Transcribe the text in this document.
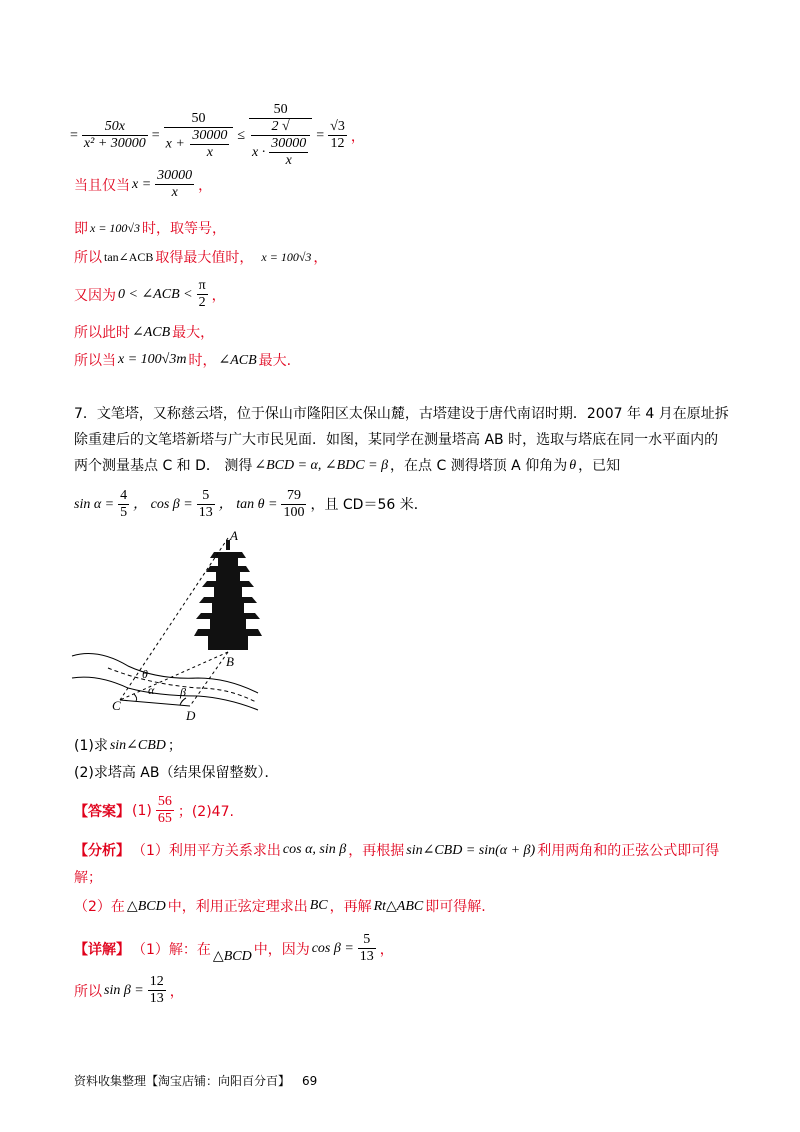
= $\frac{50x}{\text{x² + 30000}} = \frac{50}{x + \frac{30000}{x}}$ ≤
50
2 √
$x \cdot \frac{30000}{x}$
= $\frac{√3}{12}$ ，
当且仅当 $x = \frac{30000}{x}$ ，
即 x = 100√3 时，取等号，
所以 tan∠ACB 取得最大值时， x = 100√3 ，
又因为 0 < ∠ACB < $\frac{\pi}{2}$ ，
所以此时 ∠ACB 最大，
所以当 x = 100√3m 时， ∠ACB 最大.
7．文笔塔，又称慈云塔，位于保山市隆阳区太保山麓，古塔建设于唐代南诏时期．2007 年 4 月在原址拆
除重建后的文笔塔新塔与广大市民见面．如图，某同学在测量塔高 AB 时，选取与塔底在同一水平面内的
两个测量基点 C 和 D． 测得 ∠BCD = α, ∠BDC = β ，在点 C 测得塔顶 A 仰角为 θ ，已知
$\sin \alpha = \frac{4}{5}$ ， $\cos \beta = \frac{5}{13}$ ， $\tan \theta = \frac{79}{100}$ ，且 CD＝56 米．
A
B
C
D
θ
α β
(1)求 sin∠CBD ；
(2)求塔高 AB（结果保留整数）．
【答案】 $(1) \frac{56}{65}$ ；(2)47.
【分析】 （1）利用平方关系求出 cos α, sin β ，再根据 sin∠CBD = sin(α + β) 利用两角和的正弦公式即可得
解；
（2）在 △BCD 中，利用正弦定理求出 BC ，再解 Rt△ABC 即可得解.
【详解】 （1）解：在 △BCD 中，因为 $\cos \beta = \frac{5}{13}$ ，
所以 $\sin \beta = \frac{12}{13}$ ，
资料收集整理【淘宝店铺：向阳百分百】 69
